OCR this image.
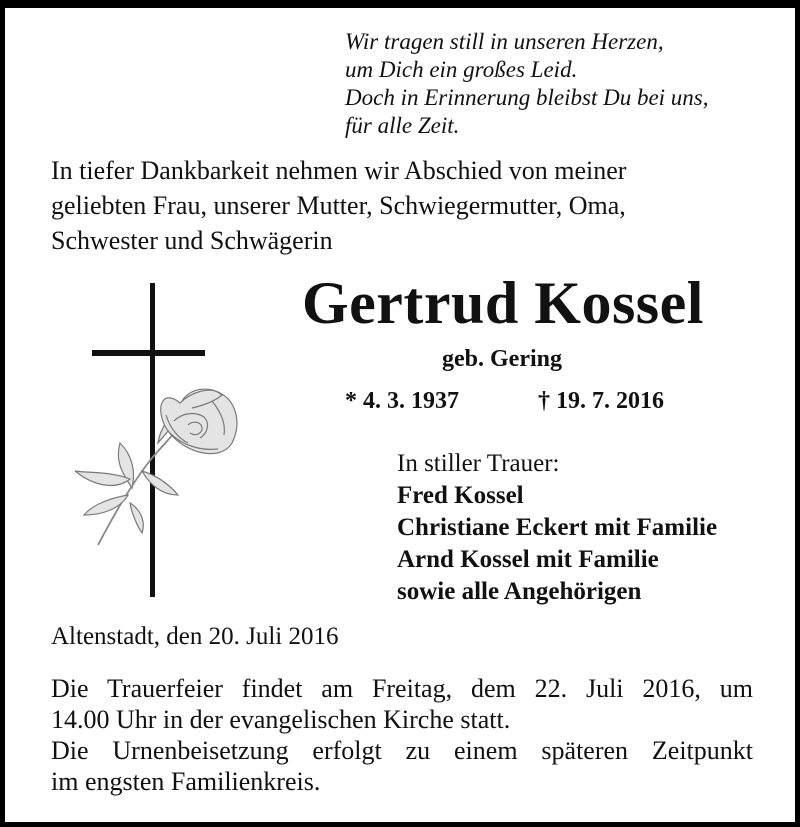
Wir tragen still in unseren Herzen,
um Dich ein großes Leid.
Doch in Erinnerung bleibst Du bei uns,
für alle Zeit.
In tiefer Dankbarkeit nehmen wir Abschied von meiner
geliebten Frau, unserer Mutter, Schwiegermutter, Oma,
Schwester und Schwägerin
Gertrud Kossel
geb. Gering
* 4. 3. 1937	† 19. 7. 2016
In stiller Trauer:
Fred Kossel
Christiane Eckert mit Familie
Arnd Kossel mit Familie
sowie alle Angehörigen
Altenstadt, den 20. Juli 2016
Die Trauerfeier findet am Freitag, dem 22. Juli 2016, um
14.00 Uhr in der evangelischen Kirche statt.
Die Urnenbeisetzung erfolgt zu einem späteren Zeitpunkt
im engsten Familienkreis.
